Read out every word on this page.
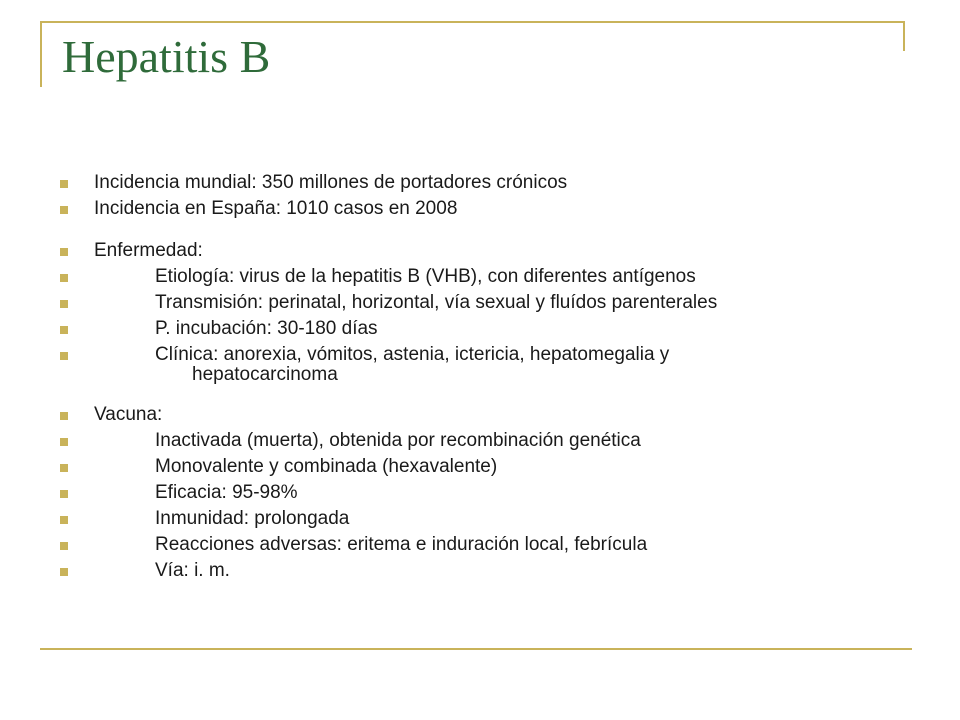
Hepatitis B
Incidencia mundial: 350 millones de portadores crónicos
Incidencia en España: 1010 casos en 2008
Enfermedad:
Etiología: virus de la hepatitis B (VHB), con diferentes antígenos
Transmisión: perinatal, horizontal, vía sexual y fluídos parenterales
P. incubación: 30-180 días
Clínica: anorexia, vómitos, astenia, ictericia, hepatomegalia y
hepatocarcinoma
Vacuna:
Inactivada (muerta), obtenida por recombinación genética
Monovalente y combinada (hexavalente)
Eficacia: 95-98%
Inmunidad: prolongada
Reacciones adversas: eritema e induración local, febrícula
Vía: i. m.
